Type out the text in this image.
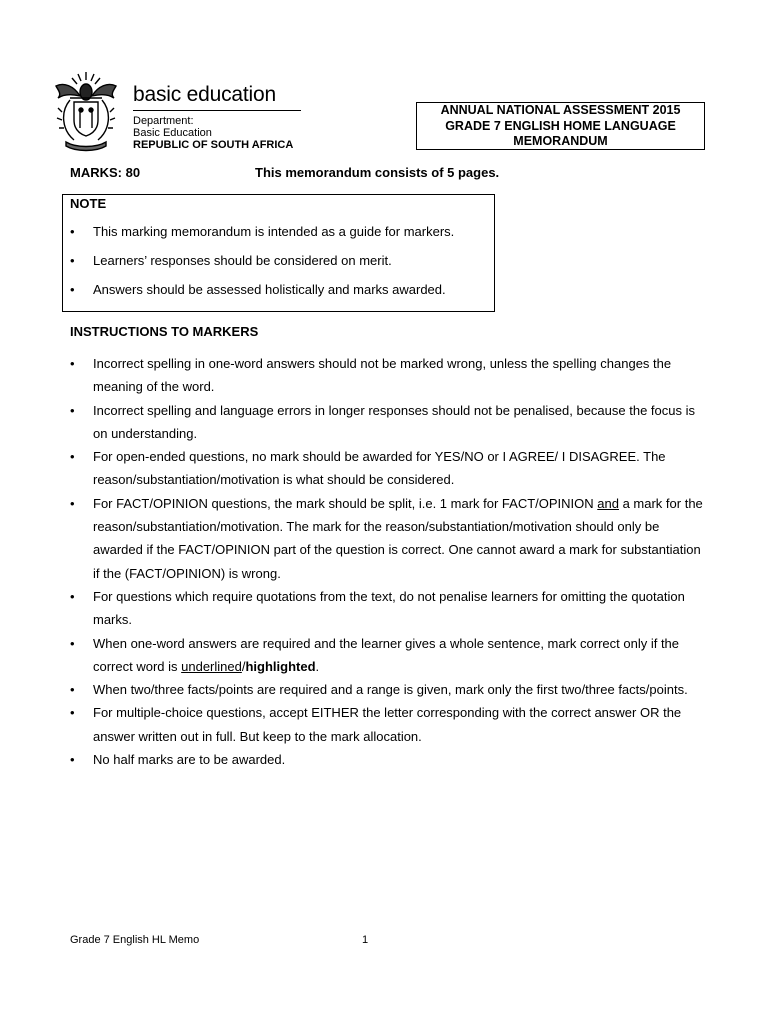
basic education
Department:
Basic Education
REPUBLIC OF SOUTH AFRICA
ANNUAL NATIONAL ASSESSMENT 2015
GRADE 7 ENGLISH HOME LANGUAGE
MEMORANDUM
MARKS: 80	This memorandum consists of 5 pages.
NOTE
• This marking memorandum is intended as a guide for markers.
• Learners’ responses should be considered on merit.
• Answers should be assessed holistically and marks awarded.
INSTRUCTIONS TO MARKERS
• Incorrect spelling in one-word answers should not be marked wrong, unless the spelling changes the meaning of the word.
• Incorrect spelling and language errors in longer responses should not be penalised, because the focus is on understanding.
• For open-ended questions, no mark should be awarded for YES/NO or I AGREE/ I DISAGREE. The reason/substantiation/motivation is what should be considered.
• For FACT/OPINION questions, the mark should be split, i.e. 1 mark for FACT/OPINION and a mark for the reason/substantiation/motivation. The mark for the reason/substantiation/motivation should only be awarded if the FACT/OPINION part of the question is correct. One cannot award a mark for substantiation if the (FACT/OPINION) is wrong.
• For questions which require quotations from the text, do not penalise learners for omitting the quotation marks.
• When one-word answers are required and the learner gives a whole sentence, mark correct only if the correct word is underlined/highlighted.
• When two/three facts/points are required and a range is given, mark only the first two/three facts/points.
• For multiple-choice questions, accept EITHER the letter corresponding with the correct answer OR the answer written out in full. But keep to the mark allocation.
• No half marks are to be awarded.
Grade 7 English HL Memo	1
